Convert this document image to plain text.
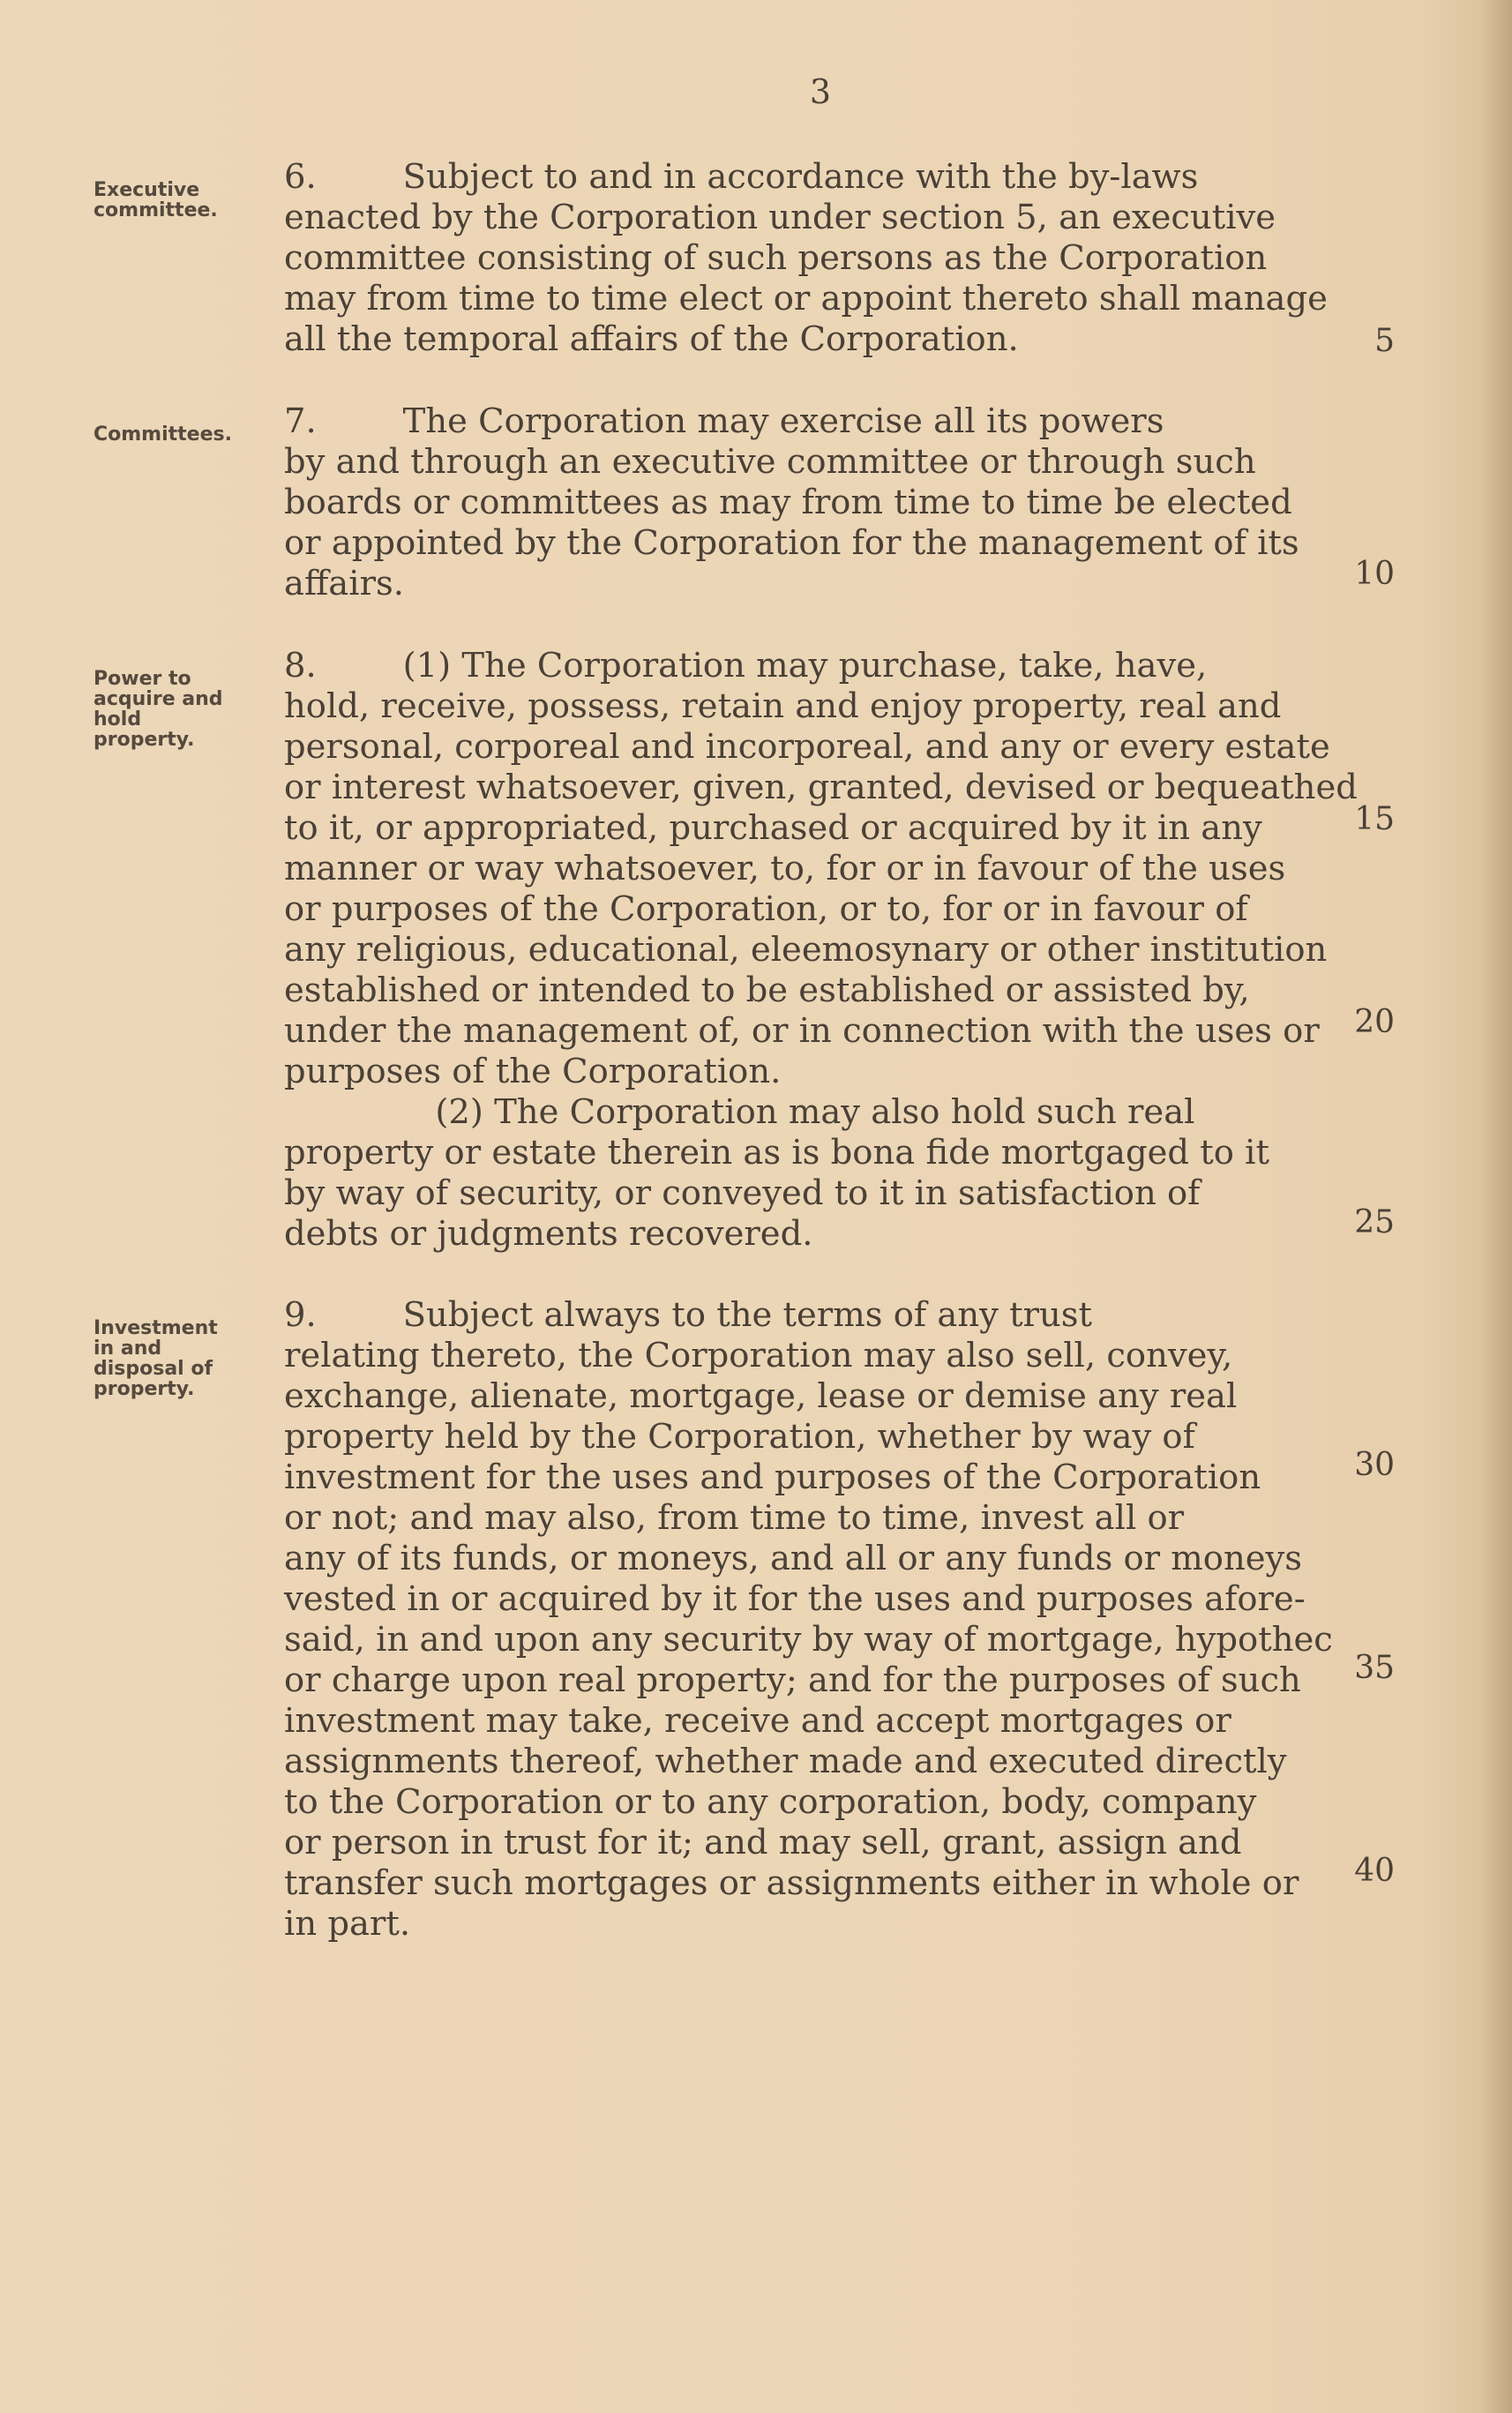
3
Executive
committee.
6.        Subject to and in accordance with the by-laws
enacted by the Corporation under section 5, an executive
committee consisting of such persons as the Corporation
may from time to time elect or appoint thereto shall manage
all the temporal affairs of the Corporation.
Committees.	7.        The Corporation may exercise all its powers
by and through an executive committee or through such
boards or committees as may from time to time be elected
or appointed by the Corporation for the management of its
affairs.
Power to
acquire and
hold
property.
8.        (1) The Corporation may purchase, take, have,
hold, receive, possess, retain and enjoy property, real and
personal, corporeal and incorporeal, and any or every estate
or interest whatsoever, given, granted, devised or bequeathed
to it, or appropriated, purchased or acquired by it in any
manner or way whatsoever, to, for or in favour of the uses
or purposes of the Corporation, or to, for or in favour of
any religious, educational, eleemosynary or other institution
established or intended to be established or assisted by,
under the management of, or in connection with the uses or
purposes of the Corporation.
(2) The Corporation may also hold such real
property or estate therein as is bona fide mortgaged to it
by way of security, or conveyed to it in satisfaction of
debts or judgments recovered.
Investment
in and
disposal of
property.
9.        Subject always to the terms of any trust
relating thereto, the Corporation may also sell, convey,
exchange, alienate, mortgage, lease or demise any real
property held by the Corporation, whether by way of
investment for the uses and purposes of the Corporation
or not; and may also, from time to time, invest all or
any of its funds, or moneys, and all or any funds or moneys
vested in or acquired by it for the uses and purposes afore-
said, in and upon any security by way of mortgage, hypothec
or charge upon real property; and for the purposes of such
investment may take, receive and accept mortgages or
assignments thereof, whether made and executed directly
to the Corporation or to any corporation, body, company
or person in trust for it; and may sell, grant, assign and
transfer such mortgages or assignments either in whole or
in part.
5
10
15
20
25
30
35
40
